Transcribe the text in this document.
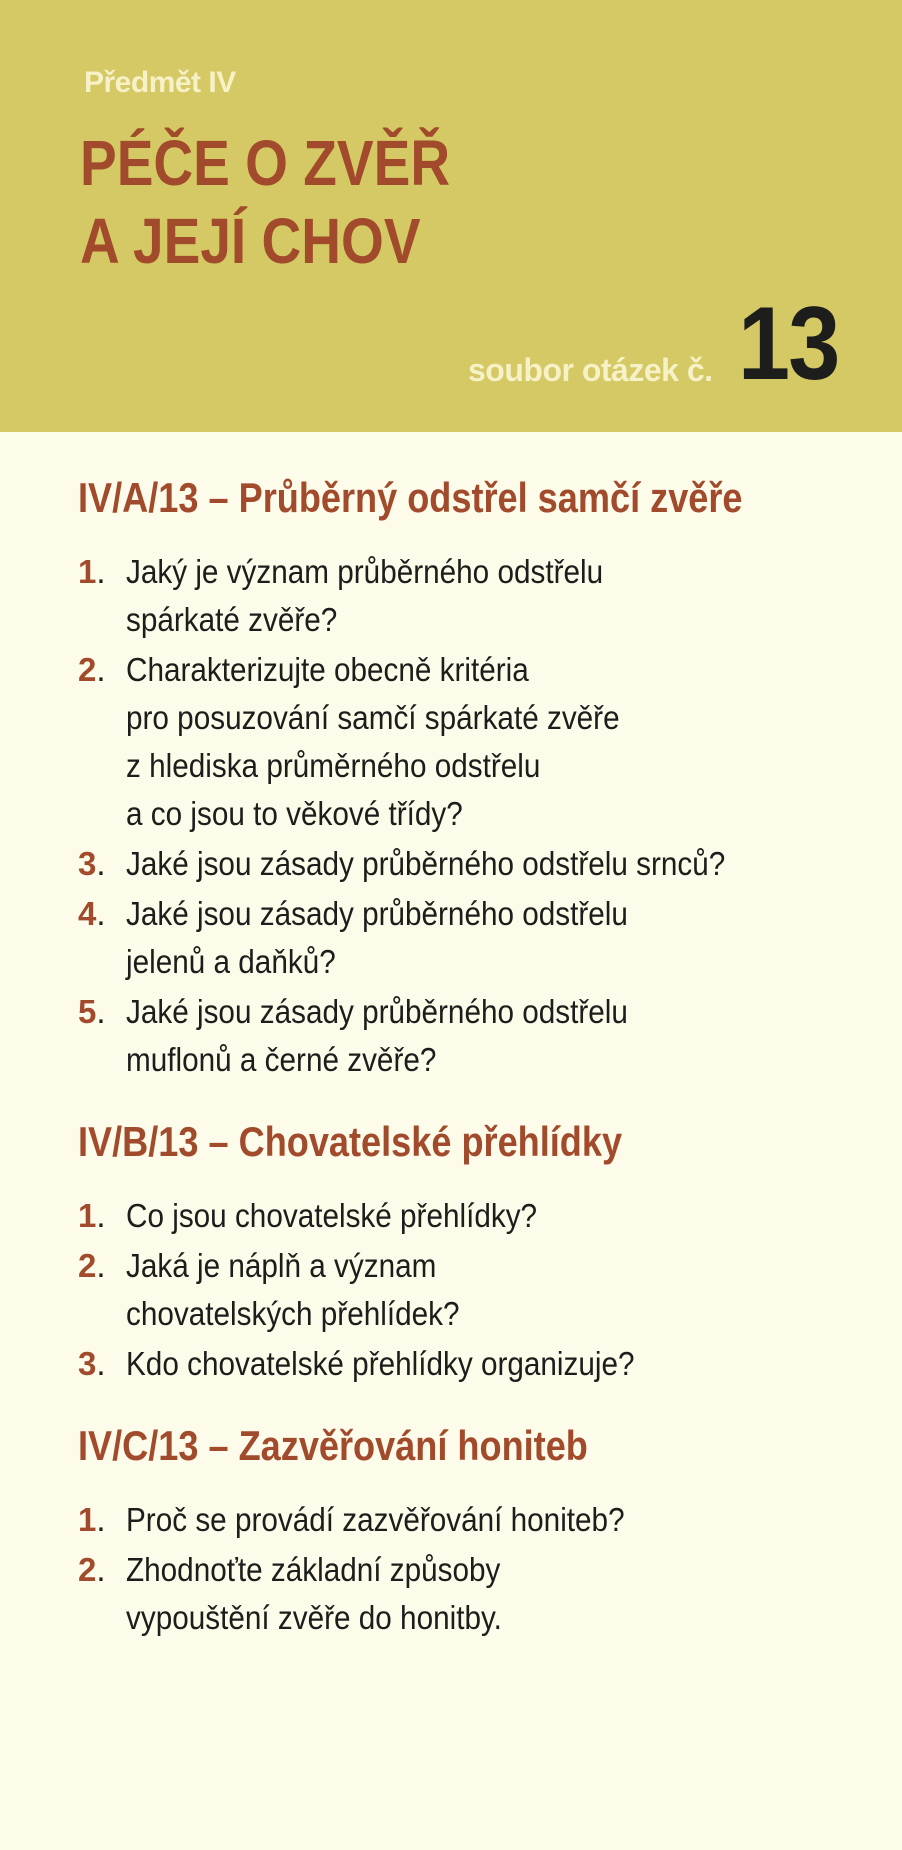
Předmět IV
PÉČE O ZVĚŘ
A JEJÍ CHOV
soubor otázek č. 13
IV/A/13 – Průběrný odstřel samčí zvěře
1. Jaký je význam průběrného odstřelu
spárkaté zvěře?
2. Charakterizujte obecně kritéria
pro posuzování samčí spárkaté zvěře
z hlediska průměrného odstřelu
a co jsou to věkové třídy?
3. Jaké jsou zásady průběrného odstřelu srnců?
4. Jaké jsou zásady průběrného odstřelu
jelenů a daňků?
5. Jaké jsou zásady průběrného odstřelu
muflonů a černé zvěře?
IV/B/13 – Chovatelské přehlídky
1. Co jsou chovatelské přehlídky?
2. Jaká je náplň a význam
chovatelských přehlídek?
3. Kdo chovatelské přehlídky organizuje?
IV/C/13 – Zazvěřování honiteb
1. Proč se provádí zazvěřování honiteb?
2. Zhodnoťte základní způsoby
vypouštění zvěře do honitby.
